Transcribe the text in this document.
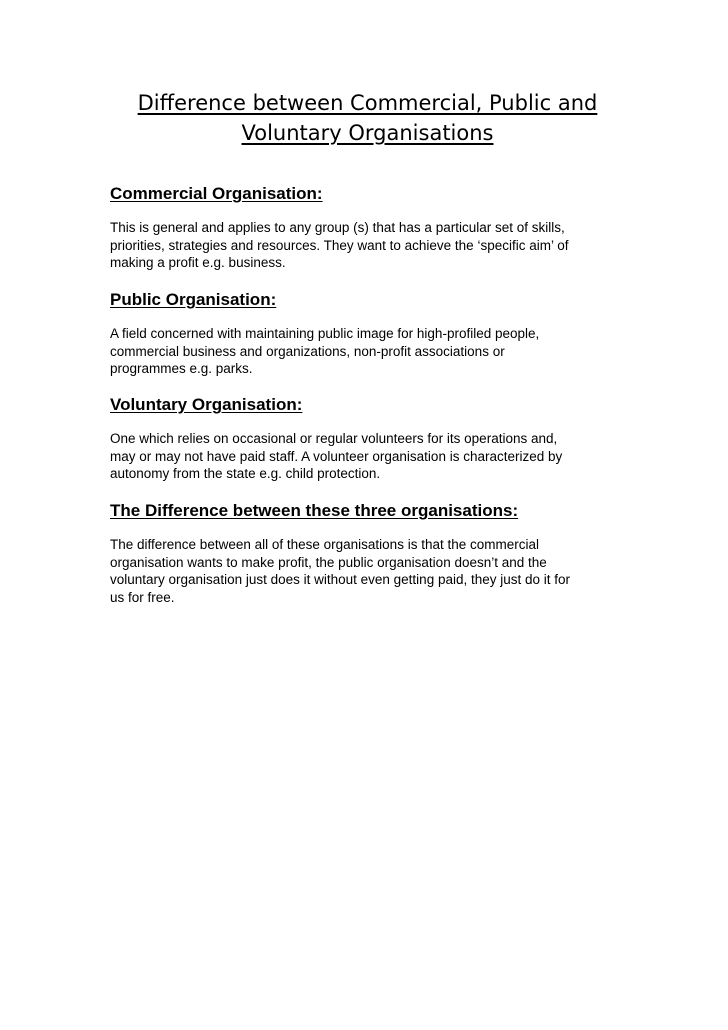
Difference between Commercial, Public and
Voluntary Organisations
Commercial Organisation:

This is general and applies to any group (s) that has a particular set of skills,
priorities, strategies and resources. They want to achieve the ‘specific aim’ of
making a profit e.g. business.

Public Organisation:

A field concerned with maintaining public image for high-profiled people,
commercial business and organizations, non-profit associations or
programmes e.g. parks.

Voluntary Organisation:

One which relies on occasional or regular volunteers for its operations and,
may or may not have paid staff. A volunteer organisation is characterized by
autonomy from the state e.g. child protection.

The Difference between these three organisations:

The difference between all of these organisations is that the commercial
organisation wants to make profit, the public organisation doesn’t and the
voluntary organisation just does it without even getting paid, they just do it for
us for free.
